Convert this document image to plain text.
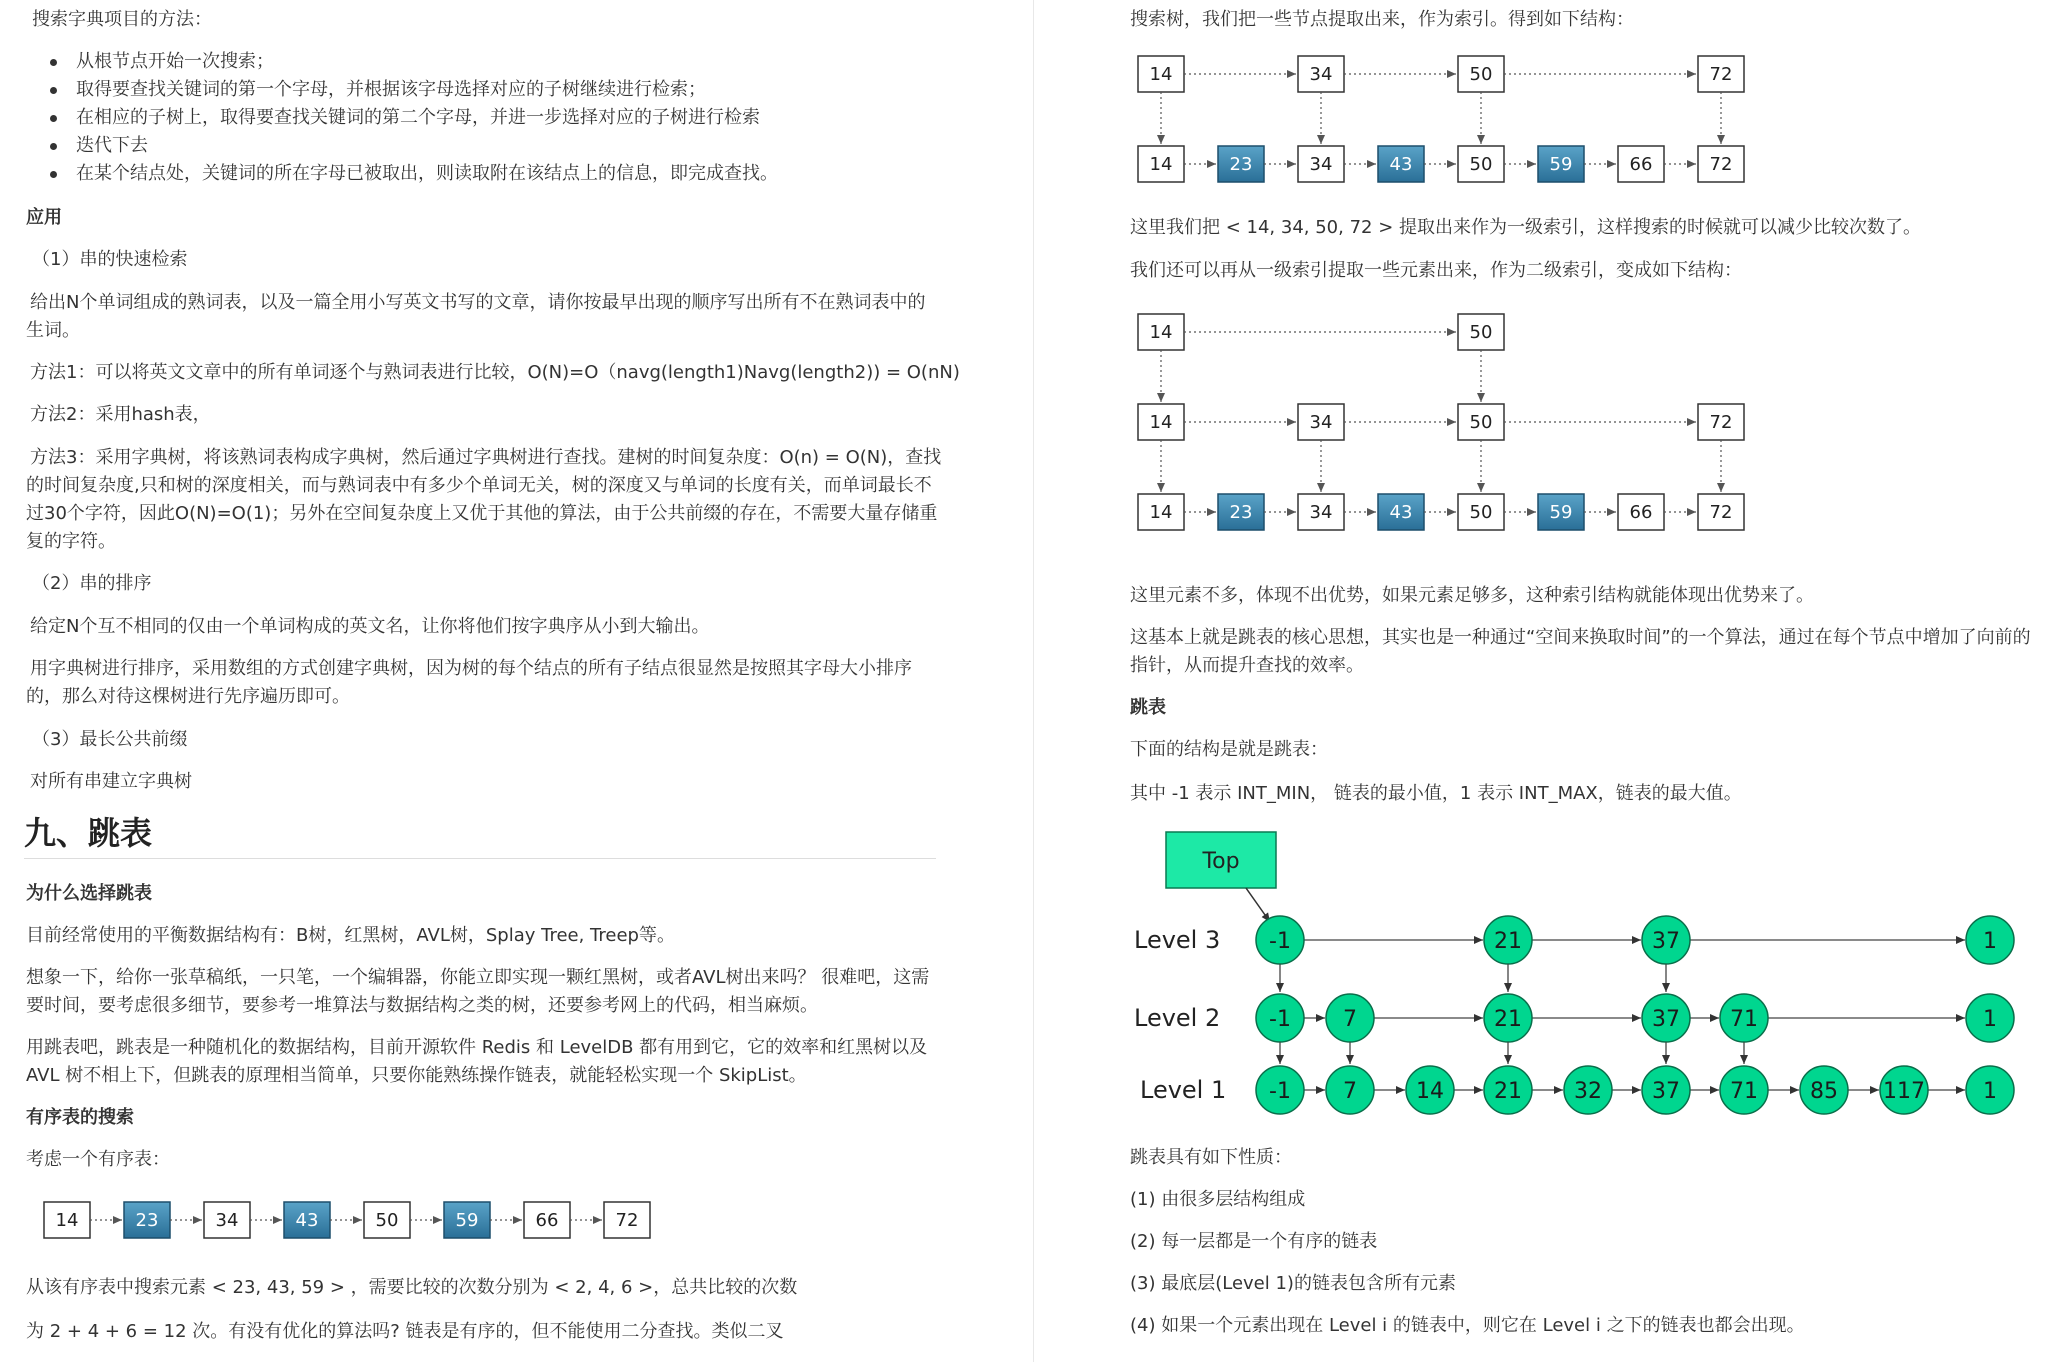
搜索字典项目的方法：
从根节点开始一次搜索；
取得要查找关键词的第一个字母，并根据该字母选择对应的子树继续进行检索；
在相应的子树上，取得要查找关键词的第二个字母，并进一步选择对应的子树进行检索
迭代下去
在某个结点处，关键词的所在字母已被取出，则读取附在该结点上的信息，即完成查找。
应用
（1）串的快速检索
给出N个单词组成的熟词表，以及一篇全用小写英文书写的文章，请你按最早出现的顺序写出所有不在熟词表中的
生词。
方法1：可以将英文文章中的所有单词逐个与熟词表进行比较，O(N)=O（navg(length1)Navg(length2)) = O(nN)
方法2：采用hash表，
方法3：采用字典树，将该熟词表构成字典树，然后通过字典树进行查找。建树的时间复杂度：O(n) = O(N)，查找
的时间复杂度,只和树的深度相关，而与熟词表中有多少个单词无关，树的深度又与单词的长度有关，而单词最长不
过30个字符，因此O(N)=O(1)；另外在空间复杂度上又优于其他的算法，由于公共前缀的存在，不需要大量存储重
复的字符。
（2）串的排序
给定N个互不相同的仅由一个单词构成的英文名，让你将他们按字典序从小到大输出。
用字典树进行排序，采用数组的方式创建字典树，因为树的每个结点的所有子结点很显然是按照其字母大小排序
的，那么对待这棵树进行先序遍历即可。
（3）最长公共前缀
对所有串建立字典树
九、跳表
为什么选择跳表
目前经常使用的平衡数据结构有：B树，红黑树，AVL树，Splay Tree, Treep等。
想象一下，给你一张草稿纸，一只笔，一个编辑器，你能立即实现一颗红黑树，或者AVL树出来吗？ 很难吧，这需
要时间，要考虑很多细节，要参考一堆算法与数据结构之类的树，还要参考网上的代码，相当麻烦。
用跳表吧，跳表是一种随机化的数据结构，目前开源软件 Redis 和 LevelDB 都有用到它，它的效率和红黑树以及
AVL 树不相上下，但跳表的原理相当简单，只要你能熟练操作链表，就能轻松实现一个 SkipList。
有序表的搜索
考虑一个有序表：
14	23	34	43	50	59	66	72
从该有序表中搜索元素 < 23, 43, 59 > ，需要比较的次数分别为 < 2, 4, 6 >，总共比较的次数
为 2 + 4 + 6 = 12 次。有没有优化的算法吗? 链表是有序的，但不能使用二分查找。类似二叉
搜索树，我们把一些节点提取出来，作为索引。得到如下结构：
14	34	50	72
14	23	34	43	50	59	66	72
这里我们把 < 14, 34, 50, 72 > 提取出来作为一级索引，这样搜索的时候就可以减少比较次数了。
我们还可以再从一级索引提取一些元素出来，作为二级索引，变成如下结构：
14	50
14	34	50	72
14	23	34	43	50	59	66	72
这里元素不多，体现不出优势，如果元素足够多，这种索引结构就能体现出优势来了。
这基本上就是跳表的核心思想，其实也是一种通过“空间来换取时间”的一个算法，通过在每个节点中增加了向前的
指针，从而提升查找的效率。
跳表
下面的结构是就是跳表：
其中 -1 表示 INT_MIN， 链表的最小值，1 表示 INT_MAX，链表的最大值。
Top
Level 3
Level 2
Level 1
-1	21	37	1
-1 7	21	37 71	1
-1 7	14 21 32 37 71 85 117	1
跳表具有如下性质：
(1) 由很多层结构组成
(2) 每一层都是一个有序的链表
(3) 最底层(Level 1)的链表包含所有元素
(4) 如果一个元素出现在 Level i 的链表中，则它在 Level i 之下的链表也都会出现。
